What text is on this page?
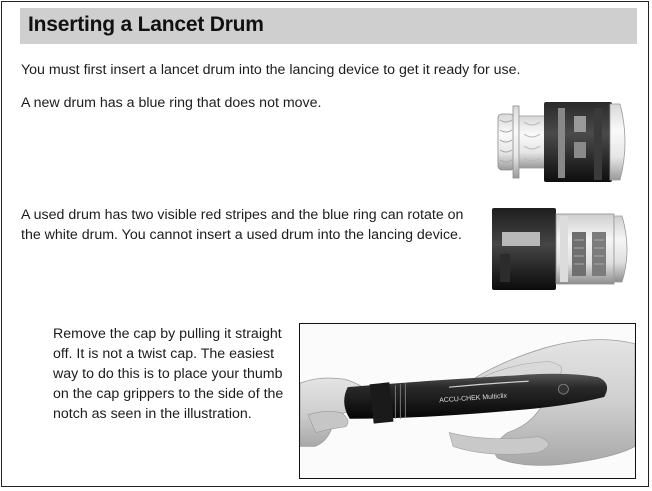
Inserting a Lancet Drum
You must first insert a lancet drum into the lancing device to get it ready for use.
A new drum has a blue ring that does not move.
A used drum has two visible red stripes and the blue ring can rotate on the white drum. You cannot insert a used drum into the lancing device.
Remove the cap by pulling it straight off. It is not a twist cap. The easiest way to do this is to place your thumb on the cap grippers to the side of the notch as seen in the illustration.
ACCU-CHEK Multiclix
